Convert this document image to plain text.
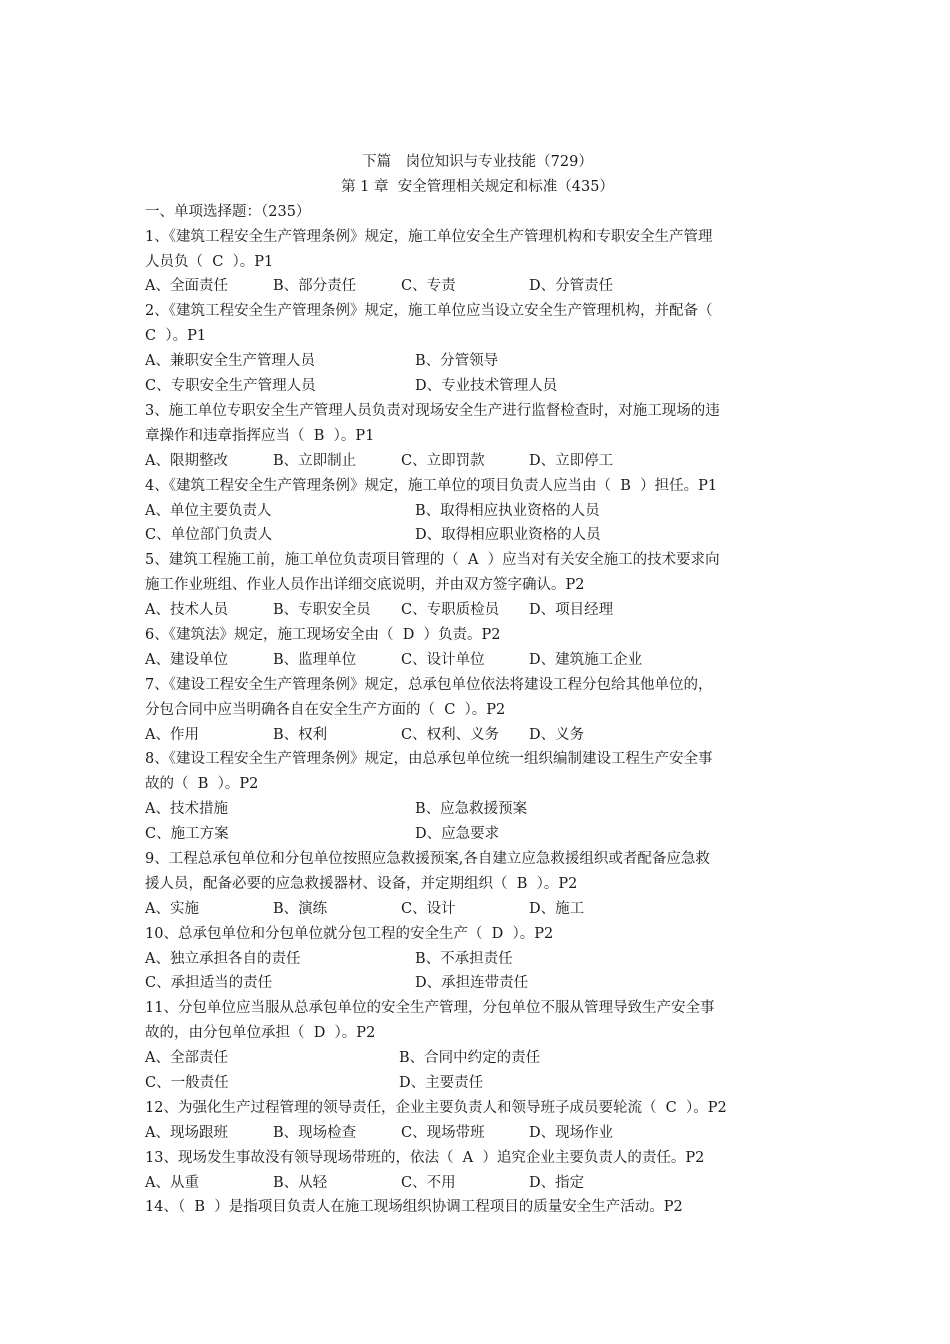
下篇　岗位知识与专业技能（729）
第 1 章  安全管理相关规定和标准（435）
一、单项选择题：（235）
1、《建筑工程安全生产管理条例》规定，施工单位安全生产管理机构和专职安全生产管理
人员负（  C  ）。P1
A、全面责任	B、部分责任	C、专责	D、分管责任
2、《建筑工程安全生产管理条例》规定，施工单位应当设立安全生产管理机构，并配备（
C  ）。P1
A、兼职安全生产管理人员	B、分管领导
C、专职安全生产管理人员	D、专业技术管理人员
3、施工单位专职安全生产管理人员负责对现场安全生产进行监督检查时，对施工现场的违
章操作和违章指挥应当（  B  ）。P1
A、限期整改	B、立即制止	C、立即罚款	D、立即停工
4、《建筑工程安全生产管理条例》规定，施工单位的项目负责人应当由（  B  ）担任。P1
A、单位主要负责人	B、取得相应执业资格的人员
C、单位部门负责人	D、取得相应职业资格的人员
5、建筑工程施工前，施工单位负责项目管理的（  A  ）应当对有关安全施工的技术要求向
施工作业班组、作业人员作出详细交底说明，并由双方签字确认。P2
A、技术人员	B、专职安全员 C、专职质检员 D、项目经理
6、《建筑法》规定，施工现场安全由（  D  ）负责。P2
A、建设单位	B、监理单位	C、设计单位	D、建筑施工企业
7、《建设工程安全生产管理条例》规定，总承包单位依法将建设工程分包给其他单位的，
分包合同中应当明确各自在安全生产方面的（  C  ）。P2
A、作用	B、权利	C、权利、义务 D、义务
8、《建设工程安全生产管理条例》规定，由总承包单位统一组织编制建设工程生产安全事
故的（  B  ）。P2
A、技术措施	B、应急救援预案
C、施工方案	D、应急要求
9、工程总承包单位和分包单位按照应急救援预案,各自建立应急救援组织或者配备应急救
援人员，配备必要的应急救援器材、设备，并定期组织（  B  ）。P2
A、实施	B、演练	C、设计	D、施工
10、总承包单位和分包单位就分包工程的安全生产（  D  ）。P2
A、独立承担各自的责任	B、不承担责任
C、承担适当的责任	D、承担连带责任
11、分包单位应当服从总承包单位的安全生产管理，分包单位不服从管理导致生产安全事
故的，由分包单位承担（  D  ）。P2
A、全部责任	B、合同中约定的责任
C、一般责任	D、主要责任
12、为强化生产过程管理的领导责任，企业主要负责人和领导班子成员要轮流（  C  ）。P2
A、现场跟班	B、现场检查	C、现场带班	D、现场作业
13、现场发生事故没有领导现场带班的，依法（  A  ）追究企业主要负责人的责任。P2
A、从重	B、从轻	C、不用	D、指定
14、（  B  ）是指项目负责人在施工现场组织协调工程项目的质量安全生产活动。P2
